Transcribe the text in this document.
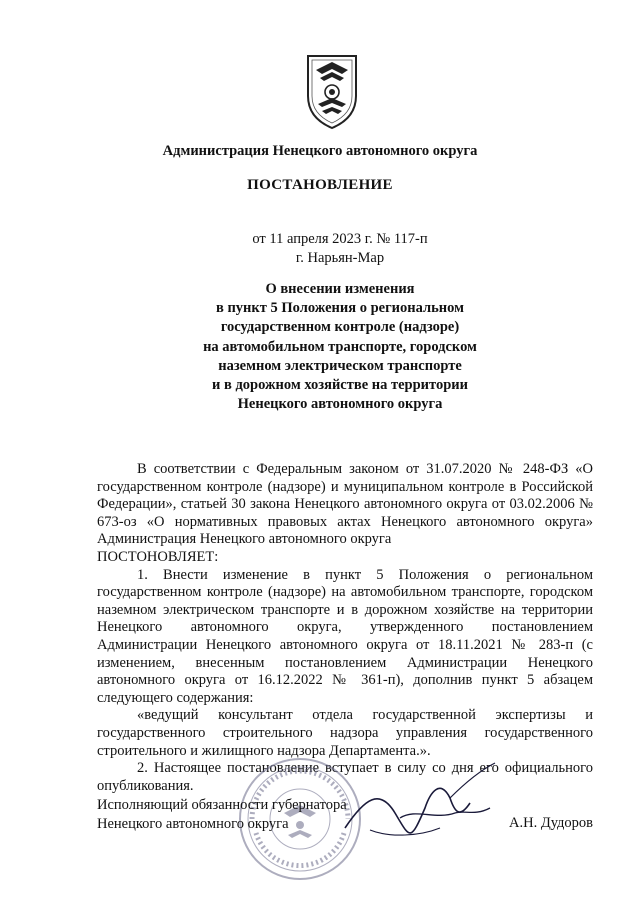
Администрация Ненецкого автономного округа
ПОСТАНОВЛЕНИЕ
от 11 апреля 2023 г. № 117-п
г. Нарьян-Мар
О внесении изменения
в пункт 5 Положения о региональном
государственном контроле (надзоре)
на автомобильном транспорте, городском
наземном электрическом транспорте
и в дорожном хозяйстве на территории
Ненецкого автономного округа

В соответствии с Федеральным законом от 31.07.2020 № 248-ФЗ «О государственном контроле (надзоре) и муниципальном контроле в Российской Федерации», статьей 30 закона Ненецкого автономного округа от 03.02.2006 № 673-оз «О нормативных правовых актах Ненецкого автономного округа» Администрация Ненецкого автономного округа

ПОСТОНОВЛЯЕТ:

1. Внести изменение в пункт 5 Положения о региональном государственном контроле (надзоре) на автомобильном транспорте, городском наземном электрическом транспорте и в дорожном хозяйстве на территории Ненецкого автономного округа, утвержденного постановлением Администрации Ненецкого автономного округа от 18.11.2021 № 283-п (с изменением, внесенным постановлением Администрации Ненецкого автономного округа от 16.12.2022 № 361-п), дополнив пункт 5 абзацем следующего содержания:

«ведущий консультант отдела государственной экспертизы и государственного строительного надзора управления государственного строительного и жилищного надзора Департамента.».

2. Настоящее постановление вступает в силу со дня его официального опубликования.

Исполняющий обязанности губернатора
Ненецкого автономного округа	А.Н. Дудоров
